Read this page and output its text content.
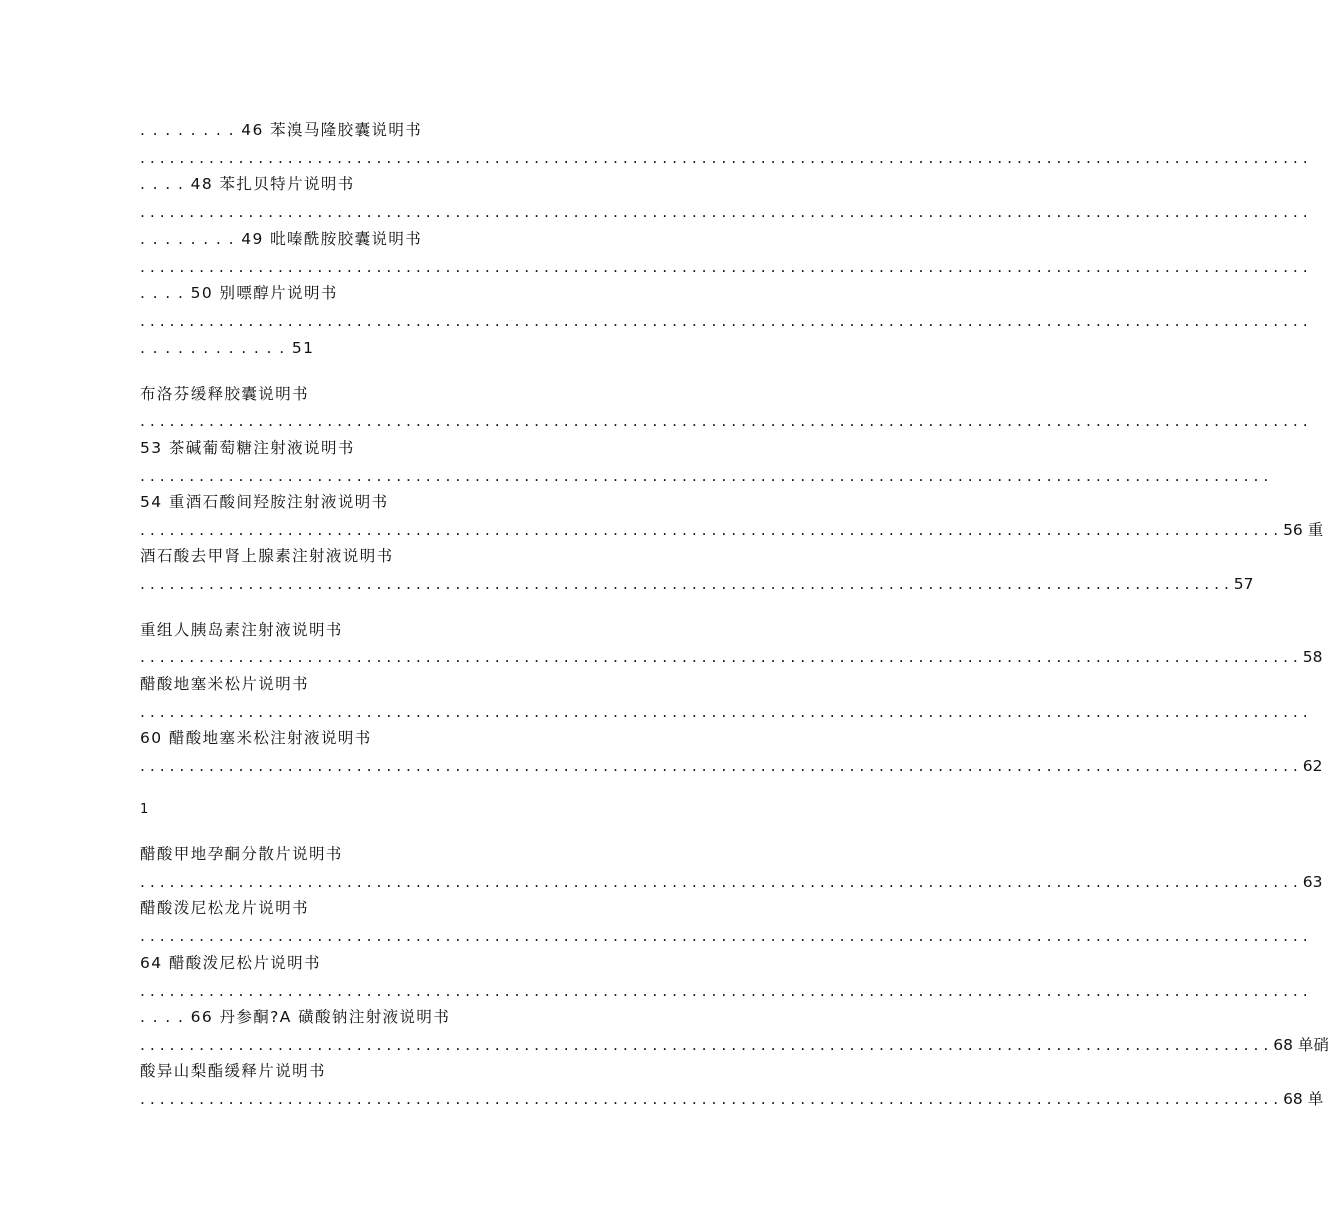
. . . . . . . . 46 苯溴马隆胶囊说明书
. . . . . . . . . . . . . . . . . . . . . . . . . . . . . . . . . . . . . . . . . . . . . . . . . . . . . . . . . . . . . . . . . . . . . . . . . . . . . . . . . . . . . . . . . . . . . . . . . . . . . . . . . . . . . . . . . . . . . . .
. . . . 48 苯扎贝特片说明书
. . . . . . . . . . . . . . . . . . . . . . . . . . . . . . . . . . . . . . . . . . . . . . . . . . . . . . . . . . . . . . . . . . . . . . . . . . . . . . . . . . . . . . . . . . . . . . . . . . . . . . . . . . . . . . . . . . . . . . .
. . . . . . . . 49 吡嗪酰胺胶囊说明书
. . . . . . . . . . . . . . . . . . . . . . . . . . . . . . . . . . . . . . . . . . . . . . . . . . . . . . . . . . . . . . . . . . . . . . . . . . . . . . . . . . . . . . . . . . . . . . . . . . . . . . . . . . . . . . . . . . . . . . .
. . . . 50 别嘌醇片说明书
. . . . . . . . . . . . . . . . . . . . . . . . . . . . . . . . . . . . . . . . . . . . . . . . . . . . . . . . . . . . . . . . . . . . . . . . . . . . . . . . . . . . . . . . . . . . . . . . . . . . . . . . . . . . . . . . . . . . . . .
. . . . . . . . . . . . 51
布洛芬缓释胶囊说明书
. . . . . . . . . . . . . . . . . . . . . . . . . . . . . . . . . . . . . . . . . . . . . . . . . . . . . . . . . . . . . . . . . . . . . . . . . . . . . . . . . . . . . . . . . . . . . . . . . . . . . . . . . . . . . . . . . . . . . . .
53 茶碱葡萄糖注射液说明书
. . . . . . . . . . . . . . . . . . . . . . . . . . . . . . . . . . . . . . . . . . . . . . . . . . . . . . . . . . . . . . . . . . . . . . . . . . . . . . . . . . . . . . . . . . . . . . . . . . . . . . . . . . . . . . . . . . .
54 重酒石酸间羟胺注射液说明书
. . . . . . . . . . . . . . . . . . . . . . . . . . . . . . . . . . . . . . . . . . . . . . . . . . . . . . . . . . . . . . . . . . . . . . . . . . . . . . . . . . . . . . . . . . . . . . . . . . . . . . . . . . . . . . . . . . . . 56 重
酒石酸去甲肾上腺素注射液说明书
. . . . . . . . . . . . . . . . . . . . . . . . . . . . . . . . . . . . . . . . . . . . . . . . . . . . . . . . . . . . . . . . . . . . . . . . . . . . . . . . . . . . . . . . . . . . . . . . . . . . . . . . . . . . . . . 57
重组人胰岛素注射液说明书
. . . . . . . . . . . . . . . . . . . . . . . . . . . . . . . . . . . . . . . . . . . . . . . . . . . . . . . . . . . . . . . . . . . . . . . . . . . . . . . . . . . . . . . . . . . . . . . . . . . . . . . . . . . . . . . . . . . . . . 58
醋酸地塞米松片说明书
. . . . . . . . . . . . . . . . . . . . . . . . . . . . . . . . . . . . . . . . . . . . . . . . . . . . . . . . . . . . . . . . . . . . . . . . . . . . . . . . . . . . . . . . . . . . . . . . . . . . . . . . . . . . . . . . . . . . . . .
60 醋酸地塞米松注射液说明书
. . . . . . . . . . . . . . . . . . . . . . . . . . . . . . . . . . . . . . . . . . . . . . . . . . . . . . . . . . . . . . . . . . . . . . . . . . . . . . . . . . . . . . . . . . . . . . . . . . . . . . . . . . . . . . . . . . . . . . 62
1
醋酸甲地孕酮分散片说明书
. . . . . . . . . . . . . . . . . . . . . . . . . . . . . . . . . . . . . . . . . . . . . . . . . . . . . . . . . . . . . . . . . . . . . . . . . . . . . . . . . . . . . . . . . . . . . . . . . . . . . . . . . . . . . . . . . . . . . . 63
醋酸泼尼松龙片说明书
. . . . . . . . . . . . . . . . . . . . . . . . . . . . . . . . . . . . . . . . . . . . . . . . . . . . . . . . . . . . . . . . . . . . . . . . . . . . . . . . . . . . . . . . . . . . . . . . . . . . . . . . . . . . . . . . . . . . . . .
64 醋酸泼尼松片说明书
. . . . . . . . . . . . . . . . . . . . . . . . . . . . . . . . . . . . . . . . . . . . . . . . . . . . . . . . . . . . . . . . . . . . . . . . . . . . . . . . . . . . . . . . . . . . . . . . . . . . . . . . . . . . . . . . . . . . . . .
. . . . 66 丹参酮?A 磺酸钠注射液说明书
. . . . . . . . . . . . . . . . . . . . . . . . . . . . . . . . . . . . . . . . . . . . . . . . . . . . . . . . . . . . . . . . . . . . . . . . . . . . . . . . . . . . . . . . . . . . . . . . . . . . . . . . . . . . . . . . . . . 68 单硝
酸异山梨酯缓释片说明书
. . . . . . . . . . . . . . . . . . . . . . . . . . . . . . . . . . . . . . . . . . . . . . . . . . . . . . . . . . . . . . . . . . . . . . . . . . . . . . . . . . . . . . . . . . . . . . . . . . . . . . . . . . . . . . . . . . . . 68 单
